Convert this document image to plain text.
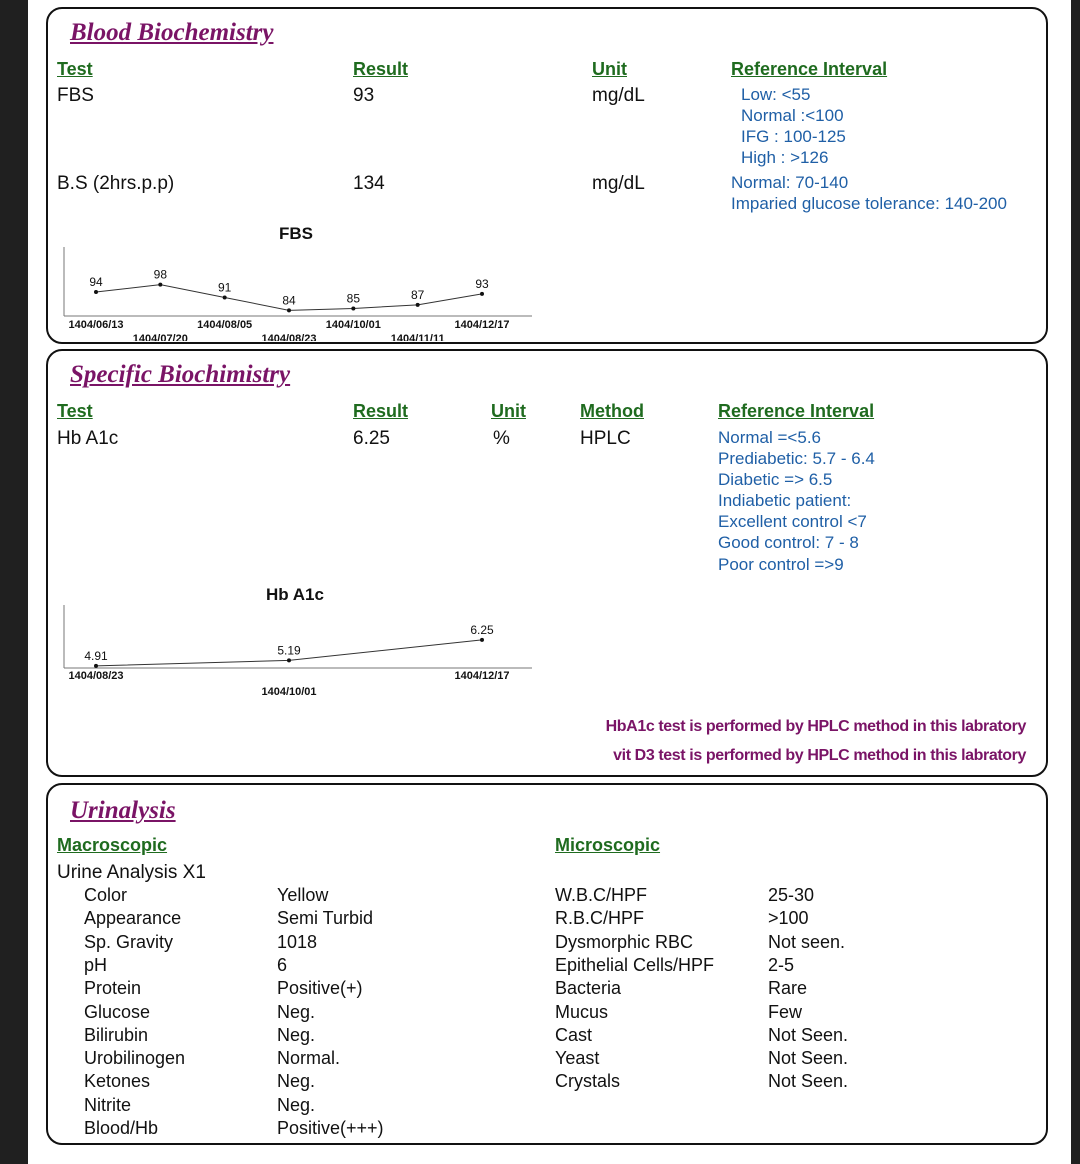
Blood Biochemistry
Test	Result	Unit	Reference Interval
FBS	93	mg/dL	Low: <55
Normal :<100
IFG : 100-125
High : >126
B.S (2hrs.p.p)	134	mg/dL	Normal: 70-140
Imparied glucose tolerance: 140-200
FBS
94
1404/06/13
98
1404/07/20
91
1404/08/05
84
1404/08/23
85
1404/10/01
87
1404/11/11
93
1404/12/17
Specific Biochimistry
Test	Result	Unit	Method	Reference Interval
Hb A1c	6.25	%	HPLC	Normal =<5.6
Prediabetic: 5.7 - 6.4
Diabetic => 6.5
Indiabetic patient:
Excellent control <7
Good control: 7 - 8
Poor control =>9
Hb A1c
4.91
1404/08/23
5.19
1404/10/01
6.25
1404/12/17
HbA1c test is performed by HPLC method in this labratory
vit D3 test is performed by HPLC method in this labratory
Urinalysis
Macroscopic	Microscopic
Urine Analysis X1
Color	Yellow
Appearance	Semi Turbid
Sp. Gravity	1018
pH	6
Protein	Positive(+)
Glucose	Neg.
Bilirubin	Neg.
Urobilinogen	Normal.
Ketones	Neg.
Nitrite	Neg.
Blood/Hb	Positive(+++)
W.B.C/HPF	25-30
R.B.C/HPF	>100
Dysmorphic RBC	Not seen.
Epithelial Cells/HPF	2-5
Bacteria	Rare
Mucus	Few
Cast	Not Seen.
Yeast	Not Seen.
Crystals	Not Seen.
